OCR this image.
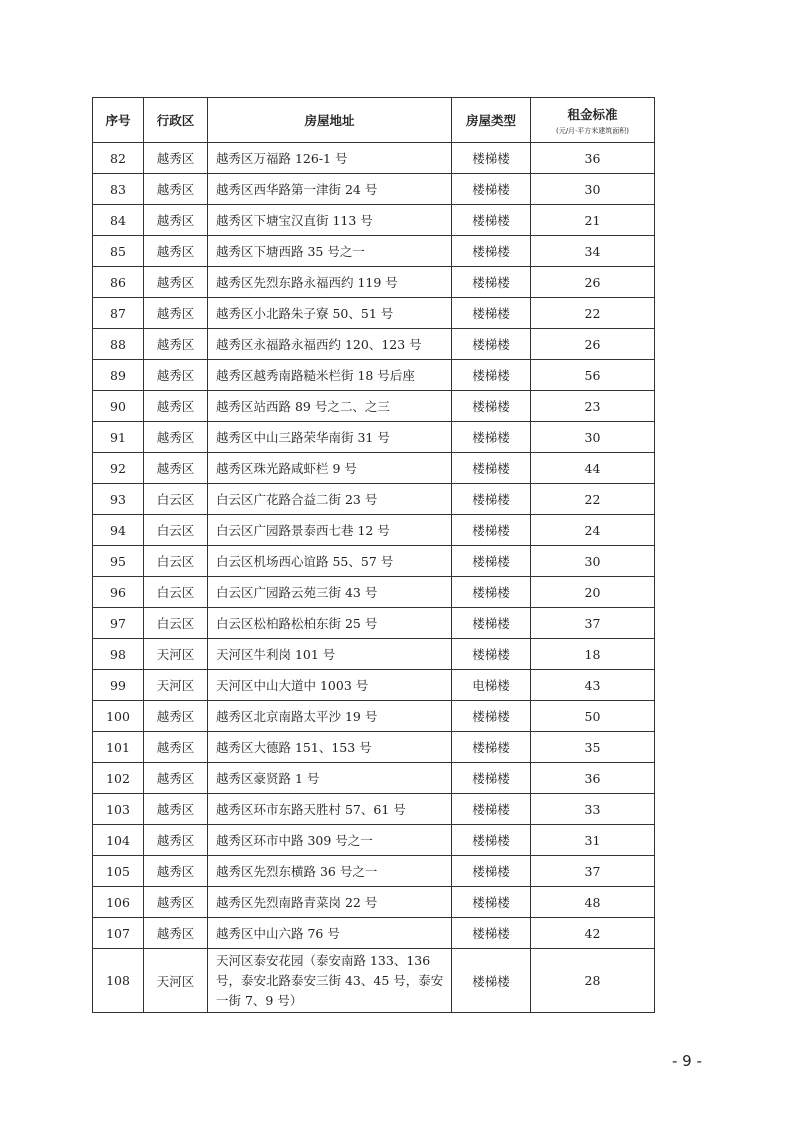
序号	行政区	房屋地址	房屋类型	租金标准
(元/月·平方米建筑面积)

82	越秀区	越秀区万福路 126-1 号	楼梯楼	36
83	越秀区	越秀区西华路第一津街 24 号	楼梯楼	30
84	越秀区	越秀区下塘宝汉直街 113 号	楼梯楼	21
85	越秀区	越秀区下塘西路 35 号之一	楼梯楼	34
86	越秀区	越秀区先烈东路永福西约 119 号	楼梯楼	26
87	越秀区	越秀区小北路朱子寮 50、51 号	楼梯楼	22
88	越秀区	越秀区永福路永福西约 120、123 号	楼梯楼	26
89	越秀区	越秀区越秀南路糙米栏街 18 号后座	楼梯楼	56
90	越秀区	越秀区站西路 89 号之二、之三	楼梯楼	23
91	越秀区	越秀区中山三路荣华南街 31 号	楼梯楼	30
92	越秀区	越秀区珠光路咸虾栏 9 号	楼梯楼	44
93	白云区	白云区广花路合益二街 23 号	楼梯楼	22
94	白云区	白云区广园路景泰西七巷 12 号	楼梯楼	24
95	白云区	白云区机场西心谊路 55、57 号	楼梯楼	30
96	白云区	白云区广园路云苑三街 43 号	楼梯楼	20
97	白云区	白云区松柏路松柏东街 25 号	楼梯楼	37
98	天河区	天河区牛利岗 101 号	楼梯楼	18
99	天河区	天河区中山大道中 1003 号	电梯楼	43
100	越秀区	越秀区北京南路太平沙 19 号	楼梯楼	50
101	越秀区	越秀区大德路 151、153 号	楼梯楼	35
102	越秀区	越秀区豪贤路 1 号	楼梯楼	36
103	越秀区	越秀区环市东路天胜村 57、61 号	楼梯楼	33
104	越秀区	越秀区环市中路 309 号之一	楼梯楼	31
105	越秀区	越秀区先烈东横路 36 号之一	楼梯楼	37
106	越秀区	越秀区先烈南路青菜岗 22 号	楼梯楼	48
107	越秀区	越秀区中山六路 76 号	楼梯楼	42
108	天河区	天河区泰安花园（泰安南路 133、136 号，泰安北路泰安三街 43、45 号，泰安一街 7、9 号）	楼梯楼	28
- 9 -
